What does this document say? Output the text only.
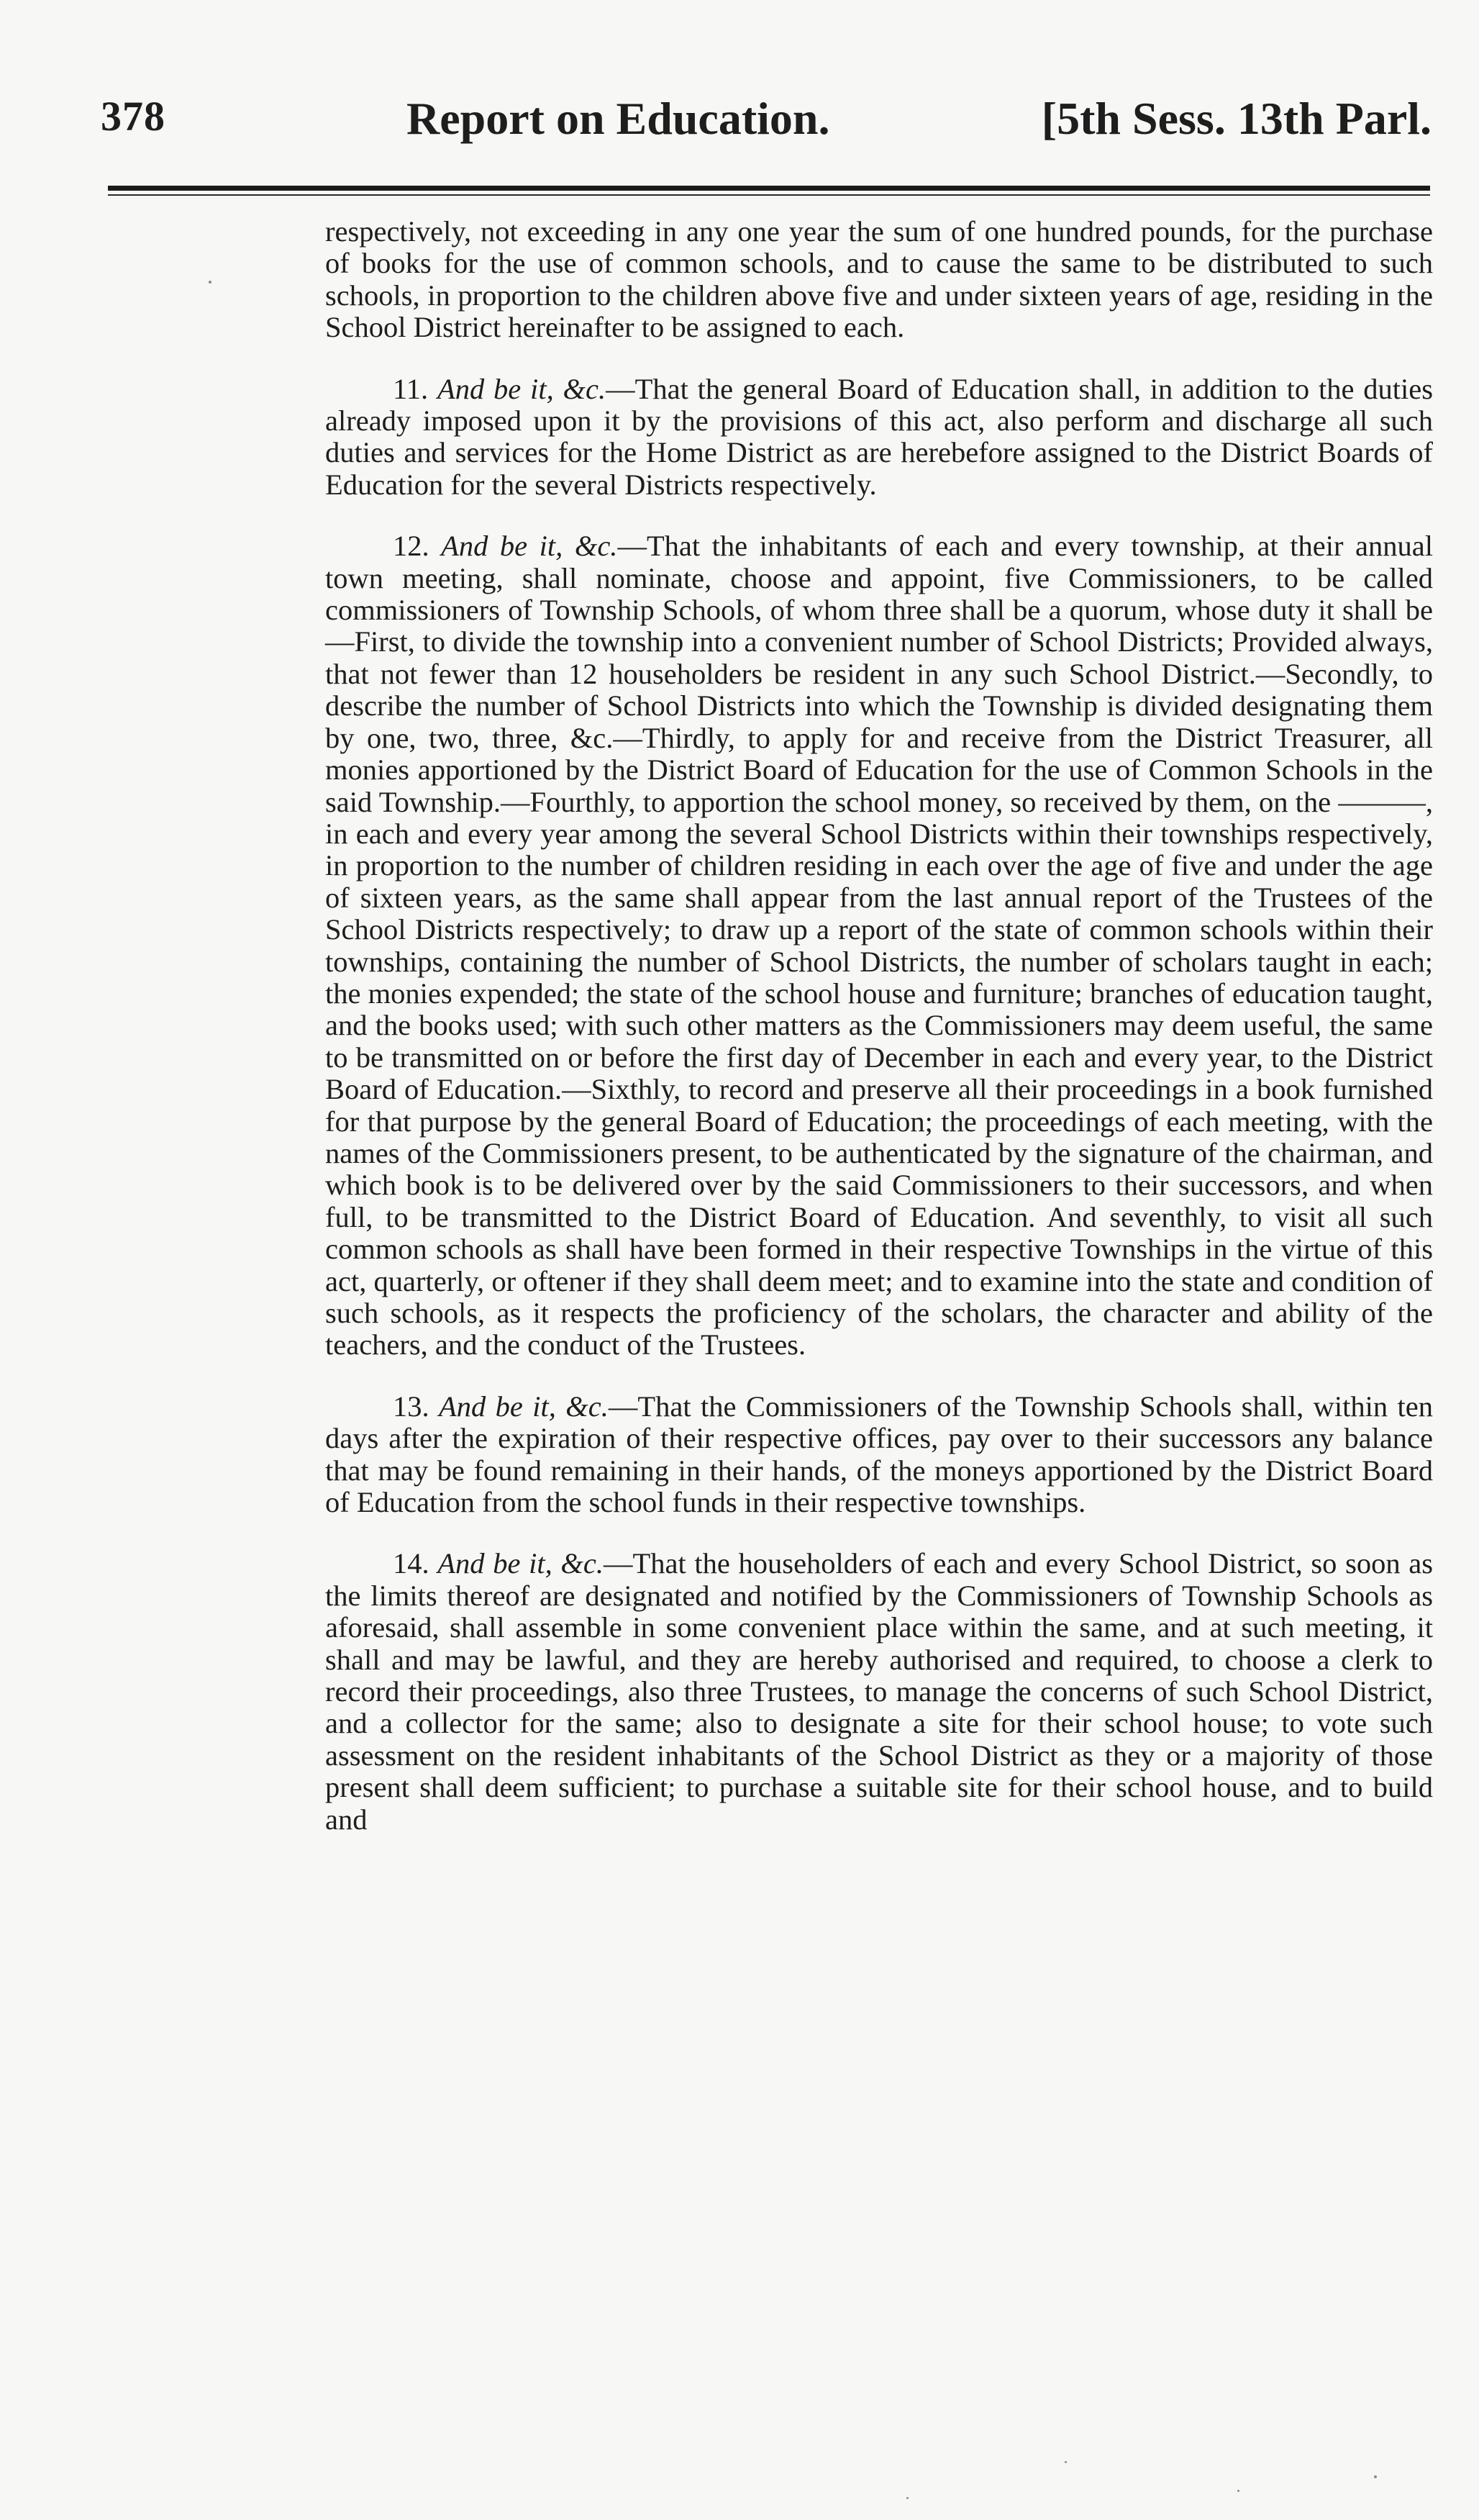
378	Report on Education.	[5th Sess. 13th Parl.

respectively, not exceeding in any one year the sum of one hundred pounds, for the purchase of books for the use of common schools, and to cause the same to be distributed to such schools, in proportion to the children above five and under sixteen years of age, residing in the School District hereinafter to be assigned to each.

11. And be it, &c.—That the general Board of Education shall, in addition to the duties already imposed upon it by the provisions of this act, also perform and discharge all such duties and services for the Home District as are herebefore assigned to the District Boards of Education for the several Districts respectively.

12. And be it, &c.—That the inhabitants of each and every township, at their annual town meeting, shall nominate, choose and appoint, five Commissioners, to be called commissioners of Township Schools, of whom three shall be a quorum, whose duty it shall be—First, to divide the township into a convenient number of School Districts; Provided always, that not fewer than 12 householders be resident in any such School District.—Secondly, to describe the number of School Districts into which the Township is divided designating them by one, two, three, &c.—Thirdly, to apply for and receive from the District Treasurer, all monies apportioned by the District Board of Education for the use of Common Schools in the said Township.—Fourthly, to apportion the school money, so received by them, on the ———, in each and every year among the several School Districts within their townships respectively, in proportion to the number of children residing in each over the age of five and under the age of sixteen years, as the same shall appear from the last annual report of the Trustees of the School Districts respectively; to draw up a report of the state of common schools within their townships, containing the number of School Districts, the number of scholars taught in each; the monies expended; the state of the school house and furniture; branches of education taught, and the books used; with such other matters as the Commissioners may deem useful, the same to be transmitted on or before the first day of December in each and every year, to the District Board of Education.—Sixthly, to record and preserve all their proceedings in a book furnished for that purpose by the general Board of Education; the proceedings of each meeting, with the names of the Commissioners present, to be authenticated by the signature of the chairman, and which book is to be delivered over by the said Commissioners to their successors, and when full, to be transmitted to the District Board of Education. And seventhly, to visit all such common schools as shall have been formed in their respective Townships in the virtue of this act, quarterly, or oftener if they shall deem meet; and to examine into the state and condition of such schools, as it respects the proficiency of the scholars, the character and ability of the teachers, and the conduct of the Trustees.

13. And be it, &c.—That the Commissioners of the Township Schools shall, within ten days after the expiration of their respective offices, pay over to their successors any balance that may be found remaining in their hands, of the moneys apportioned by the District Board of Education from the school funds in their respective townships.

14. And be it, &c.—That the householders of each and every School District, so soon as the limits thereof are designated and notified by the Commissioners of Township Schools as aforesaid, shall assemble in some convenient place within the same, and at such meeting, it shall and may be lawful, and they are hereby authorised and required, to choose a clerk to record their proceedings, also three Trustees, to manage the concerns of such School District, and a collector for the same; also to designate a site for their school house; to vote such assessment on the resident inhabitants of the School District as they or a majority of those present shall deem sufficient; to purchase a suitable site for their school house, and to build and
